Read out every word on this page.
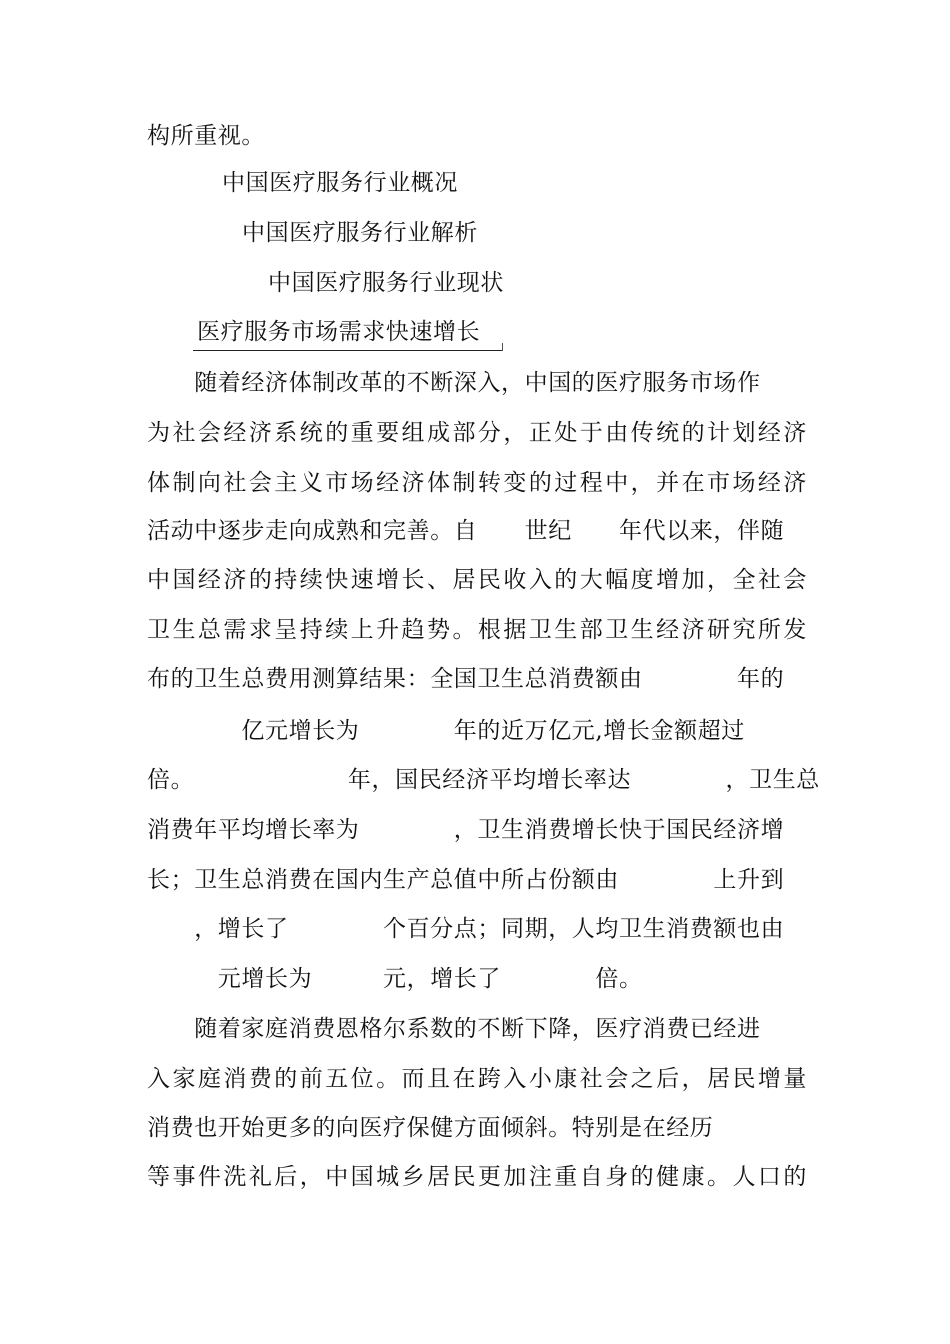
构所重视。
中国医疗服务行业概况
中国医疗服务行业解析
中国医疗服务行业现状
医疗服务市场需求快速增长
　　随着经济体制改革的不断深入，中国的医疗服务市场作
为社会经济系统的重要组成部分，正处于由传统的计划经济
体制向社会主义市场经济体制转变的过程中，并在市场经济
活动中逐步走向成熟和完善。自　　世纪　　年代以来，伴随
中国经济的持续快速增长、居民收入的大幅度增加，全社会
卫生总需求呈持续上升趋势。根据卫生部卫生经济研究所发
布的卫生总费用测算结果：全国卫生总消费额由　　　　年的
　　　　亿元增长为　　　　年的近万亿元,增长金额超过　　
倍。　　　　　　　年，国民经济平均增长率达　　　　，卫生总
消费年平均增长率为　　　　，卫生消费增长快于国民经济增
长；卫生总消费在国内生产总值中所占份额由　　　　上升到
　　，增长了　　　　个百分点；同期，人均卫生消费额也由
　　　元增长为　　　元，增长了　　　　倍。
　　随着家庭消费恩格尔系数的不断下降，医疗消费已经进
入家庭消费的前五位。而且在跨入小康社会之后，居民增量
消费也开始更多的向医疗保健方面倾斜。特别是在经历
等事件洗礼后，中国城乡居民更加注重自身的健康。人口的
